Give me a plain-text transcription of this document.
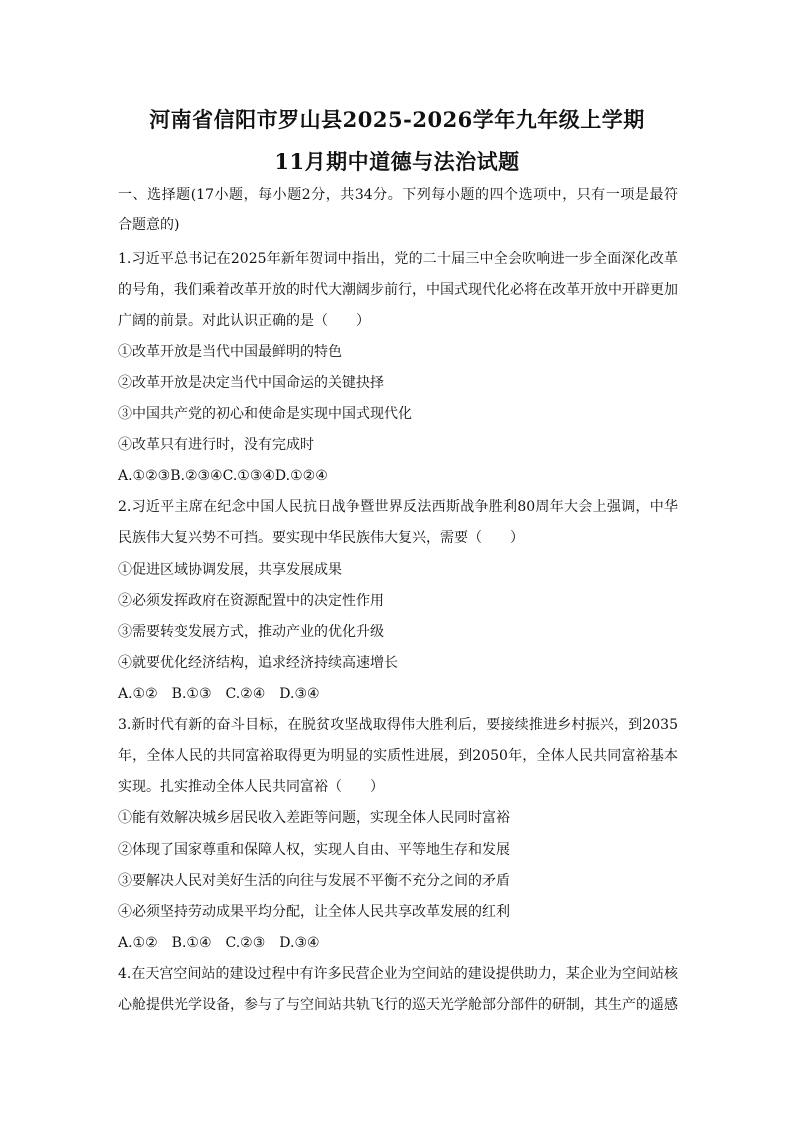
河南省信阳市罗山县2025-2026学年九年级上学期
11月期中道德与法治试题
一、选择题(17小题，每小题2分，共34分。下列每小题的四个选项中，只有一项是最符
合题意的)
1.习近平总书记在2025年新年贺词中指出，党的二十届三中全会吹响进一步全面深化改革
的号角，我们乘着改革开放的时代大潮阔步前行，中国式现代化必将在改革开放中开辟更加
广阔的前景。对此认识正确的是（　　）
①改革开放是当代中国最鲜明的特色
②改革开放是决定当代中国命运的关键抉择
③中国共产党的初心和使命是实现中国式现代化
④改革只有进行时，没有完成时
A.①②③B.②③④C.①③④D.①②④
2.习近平主席在纪念中国人民抗日战争暨世界反法西斯战争胜利80周年大会上强调，中华
民族伟大复兴势不可挡。要实现中华民族伟大复兴，需要（　　）
①促进区域协调发展，共享发展成果
②必须发挥政府在资源配置中的决定性作用
③需要转变发展方式，推动产业的优化升级
④就要优化经济结构，追求经济持续高速增长
A.①②　B.①③　C.②④　D.③④
3.新时代有新的奋斗目标，在脱贫攻坚战取得伟大胜利后，要接续推进乡村振兴，到2035
年，全体人民的共同富裕取得更为明显的实质性进展，到2050年，全体人民共同富裕基本
实现。扎实推动全体人民共同富裕（　　）
①能有效解决城乡居民收入差距等问题，实现全体人民同时富裕
②体现了国家尊重和保障人权，实现人自由、平等地生存和发展
③要解决人民对美好生活的向往与发展不平衡不充分之间的矛盾
④必须坚持劳动成果平均分配，让全体人民共享改革发展的红利
A.①②　B.①④　C.②③　D.③④
4.在天宫空间站的建设过程中有许多民营企业为空间站的建设提供助力，某企业为空间站核
心舱提供光学设备，参与了与空间站共轨飞行的巡天光学舱部分部件的研制，其生产的遥感
